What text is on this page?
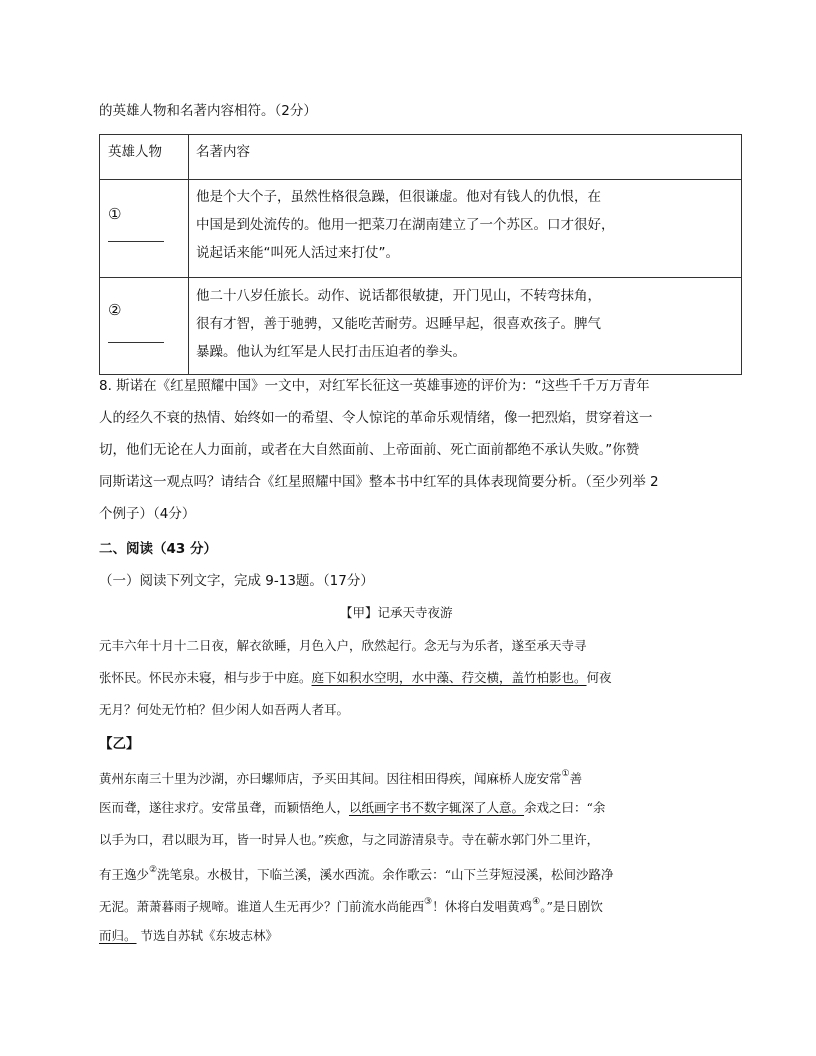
的英雄人物和名著内容相符。（2分）
英雄人物	名著内容
①
他是个大个子，虽然性格很急躁，但很谦虚。他对有钱人的仇恨，在
中国是到处流传的。他用一把菜刀在湖南建立了一个苏区。口才很好，
说起话来能“叫死人活过来打仗”。
②
他二十八岁任旅长。动作、说话都很敏捷，开门见山，不转弯抹角，
很有才智，善于驰骋，又能吃苦耐劳。迟睡早起，很喜欢孩子。脾气
暴躁。他认为红军是人民打击压迫者的拳头。
8. 斯诺在《红星照耀中国》一文中，对红军长征这一英雄事迹的评价为：“这些千千万万青年
人的经久不衰的热情、始终如一的希望、令人惊诧的革命乐观情绪，像一把烈焰，贯穿着这一
切，他们无论在人力面前，或者在大自然面前、上帝面前、死亡面前都绝不承认失败。”你赞
同斯诺这一观点吗？请结合《红星照耀中国》整本书中红军的具体表现简要分析。（至少列举 2
个例子）（4分）
二、阅读（43 分）
（一）阅读下列文字，完成 9-13题。（17分）
【甲】记承天寺夜游
元丰六年十月十二日夜，解衣欲睡，月色入户，欣然起行。念无与为乐者，遂至承天寺寻
张怀民。怀民亦未寝，相与步于中庭。庭下如积水空明，水中藻、荇交横，盖竹柏影也。何夜
无月？何处无竹柏？但少闲人如吾两人者耳。
【乙】
黄州东南三十里为沙湖，亦曰螺师店，予买田其间。因往相田得疾，闻麻桥人庞安常①善
医而聋，遂往求疗。安常虽聋，而颖悟绝人，以纸画字书不数字辄深了人意。余戏之曰：“余
以手为口，君以眼为耳，皆一时异人也。”疾愈，与之同游清泉寺。寺在蕲水郭门外二里许，
有王逸少②洗笔泉。水极甘，下临兰溪，溪水西流。余作歌云：“山下兰芽短浸溪，松间沙路净
无泥。萧萧暮雨子规啼。谁道人生无再少？门前流水尚能西③！休将白发唱黄鸡④。”是日剧饮
而归。 节选自苏轼《东坡志林》
